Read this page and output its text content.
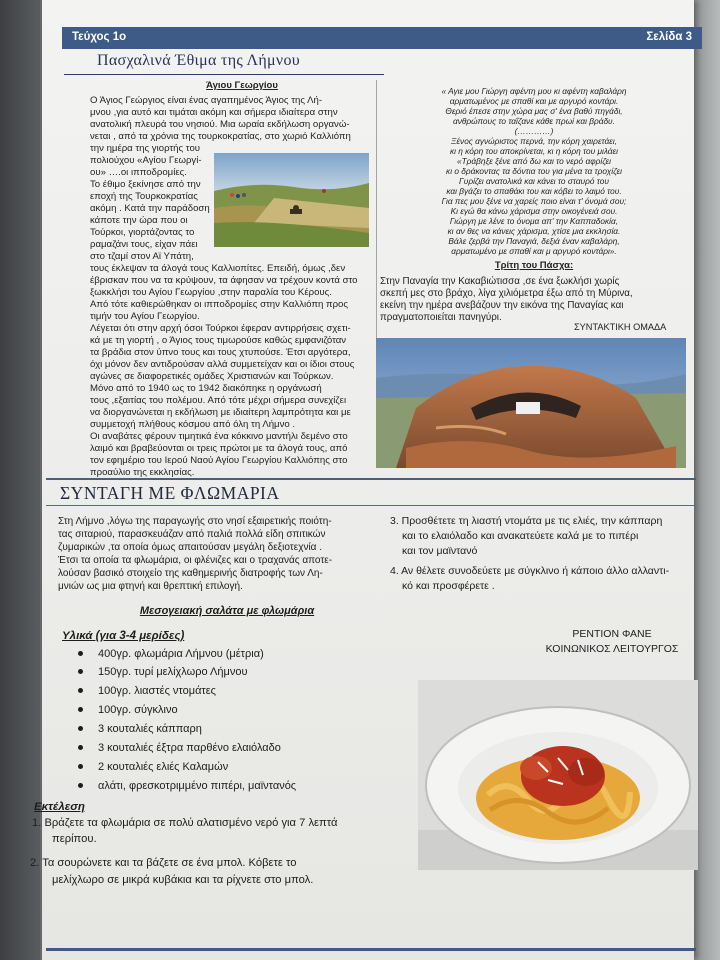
Τεύχος 1ο	Σελίδα 3
Πασχαλινά Έθιμα της Λήμνου
Άγιου Γεωργίου
Ο Άγιος Γεώργιος είναι ένας αγαπημένος Άγιος της Λή-
μνου ,για αυτό και τιμάται ακόμη και σήμερα ιδιαίτερα στην
ανατολική πλευρά του νησιού. Μια ωραία εκδήλωση οργανώ-
νεται , από τα χρόνια της τουρκοκρατίας, στο χωριό Καλλιόπη
την ημέρα της γιορτής του
πολιούχου «Αγίου Γεωργί-
ου» ….οι ιπποδρομίες.
Το έθιμο ξεκίνησε από την
εποχή της Τουρκοκρατίας
ακόμη . Κατά την παράδοση
κάποτε την ώρα που οι
Τούρκοι, γιορτάζοντας το
ραμαζάνι τους, είχαν πάει
στο τζαμί στον Αϊ Υπάτη,
τους έκλεψαν τα άλογά τους Καλλιοπίτες. Επειδή, όμως ,δεν
έβρισκαν που να τα κρύψουν, τα άφησαν να τρέχουν κοντά στο
ξωκκλήσι του Αγίου Γεωργίου ,στην παραλία του Κέρους.
Από τότε καθιερώθηκαν οι ιπποδρομίες στην Καλλιόπη προς
τιμήν του Αγίου Γεωργίου.
Λέγεται ότι στην αρχή όσοι Τούρκοι έφεραν αντιρρήσεις σχετι-
κά με τη γιορτή , ο Άγιος τους τιμωρούσε καθώς εμφανιζόταν
τα βράδια στον ύπνο τους και τους χτυπούσε. Έτσι αργότερα,
όχι μόνον δεν αντιδρούσαν αλλά συμμετείχαν και οι ίδιοι στους
αγώνες σε διαφορετικές ομάδες Χριστιανών και Τούρκων.
Μόνο από το 1940 ως το 1942 διακόπηκε η οργάνωσή
τους ,εξαιτίας του πολέμου. Από τότε μέχρι σήμερα συνεχίζει
να διοργανώνεται η εκδήλωση με ιδιαίτερη λαμπρότητα και με
συμμετοχή πλήθους κόσμου από όλη τη Λήμνο .
Οι αναβάτες φέρουν τιμητικά ένα κόκκινο μαντήλι δεμένο στο
λαιμό και βραβεύονται οι τρεις πρώτοι με τα άλογά τους, από
τον εφημέριο του Ιερού Ναού Αγίου Γεωργίου Καλλιόπης στο
προαύλιο της εκκλησίας.
« Αγιε μου Γιώργη αφέντη μου κι αφέντη καβαλάρη
αρματωμένος με σπαθί και με αργυρό κοντάρι.
Θεριό έπεσε στην χώρα μας σ' ένα βαθύ πηγάδι,
ανθρώπους το ταΐζανε κάθε πρωί και βράδυ.
(…………)
Ξένος αγνώριστος περνά, την κόρη χαιρετάει,
κι η κόρη του αποκρίνεται, κι η κόρη του μιλάει
«Τράβηξε ξένε από δω και το νερό αφρίζει
κι ο δράκοντας τα δόντια του για μένα τα τροχίζει
Γυρίζει ανατολικά και κάνει το σταυρό του
και βγάζει το σπαθάκι του και κόβει το λαιμό του.
Για πες μου ξένε να χαρείς ποιο είναι τ' όνομά σου;
Κι εγώ θα κάνω χάρισμα στην οικογένειά σου.
Γιώργη με λένε το όνομα απ' την Καππαδοκία,
κι αν θες να κάνεις χάρισμα, χτίσε μια εκκλησία.
Βάλε ζερβά την Παναγιά, δεξιά έναν καβαλάρη,
αρματωμένο με σπαθί και μ αργυρό κοντάρι».
Τρίτη του Πάσχα:
Στην Παναγία την Κακαβιώτισσα ,σε ένα ξωκλήσι χωρίς
σκεπή μες στο βράχο, λίγα χιλιόμετρα έξω από τη Μύρινα,
εκείνη την ημέρα ανεβάζουν την εικόνα της Παναγίας και
πραγματοποιείται πανηγύρι.
ΣΥΝΤΑΚΤΙΚΗ ΟΜΑΔΑ
ΣΥΝΤΑΓΗ ΜΕ ΦΛΩΜΑΡΙΑ
Στη Λήμνο ,λόγω της παραγωγής στο νησί εξαιρετικής ποιότη-
τας σιταριού, παρασκευάζαν από παλιά πολλά είδη σπιτικών
ζυμαρικών ,τα οποία όμως απαιτούσαν μεγάλη δεξιοτεχνία .
Έτσι τα οποία τα φλωμάρια, οι φλένιζες και ο τραχανάς αποτε-
λούσαν βασικό στοιχείο της καθημερινής διατροφής των Λη-
μνιών ως μια φτηνή και θρεπτική επιλογή.
Μεσογειακή σαλάτα με φλωμάρια
Υλικά (για 3-4 μερίδες)
400γρ. φλωμάρια Λήμνου (μέτρια)
150γρ. τυρί μελίχλωρο Λήμνου
100γρ. λιαστές ντομάτες
100γρ. σύγκλινο
3 κουταλιές κάππαρη
3 κουταλιές έξτρα παρθένο ελαιόλαδο
2 κουταλιές ελιές Καλαμών
αλάτι, φρεσκοτριμμένο πιπέρι, μαϊντανός
Εκτέλεση
1. Βράζετε τα φλωμάρια σε πολύ αλατισμένο νερό για 7 λεπτά
περίπου.
2. Τα σουρώνετε και τα βάζετε σε ένα μπολ. Κόβετε το
μελίχλωρο σε μικρά κυβάκια και τα ρίχνετε στο μπολ.
3. Προσθέτετε τη λιαστή ντομάτα με τις ελιές, την κάππαρη
και το ελαιόλαδο και ανακατεύετε καλά με το πιπέρι
και τον μαϊντανό
4. Αν θέλετε συνοδεύετε με σύγκλινο ή κάποιο άλλο αλλαντι-
κό και προσφέρετε .
ΡΕΝΤΙΟΝ ΦΑΝΕ
ΚΟΙΝΩΝΙΚΟΣ ΛΕΙΤΟΥΡΓΟΣ
